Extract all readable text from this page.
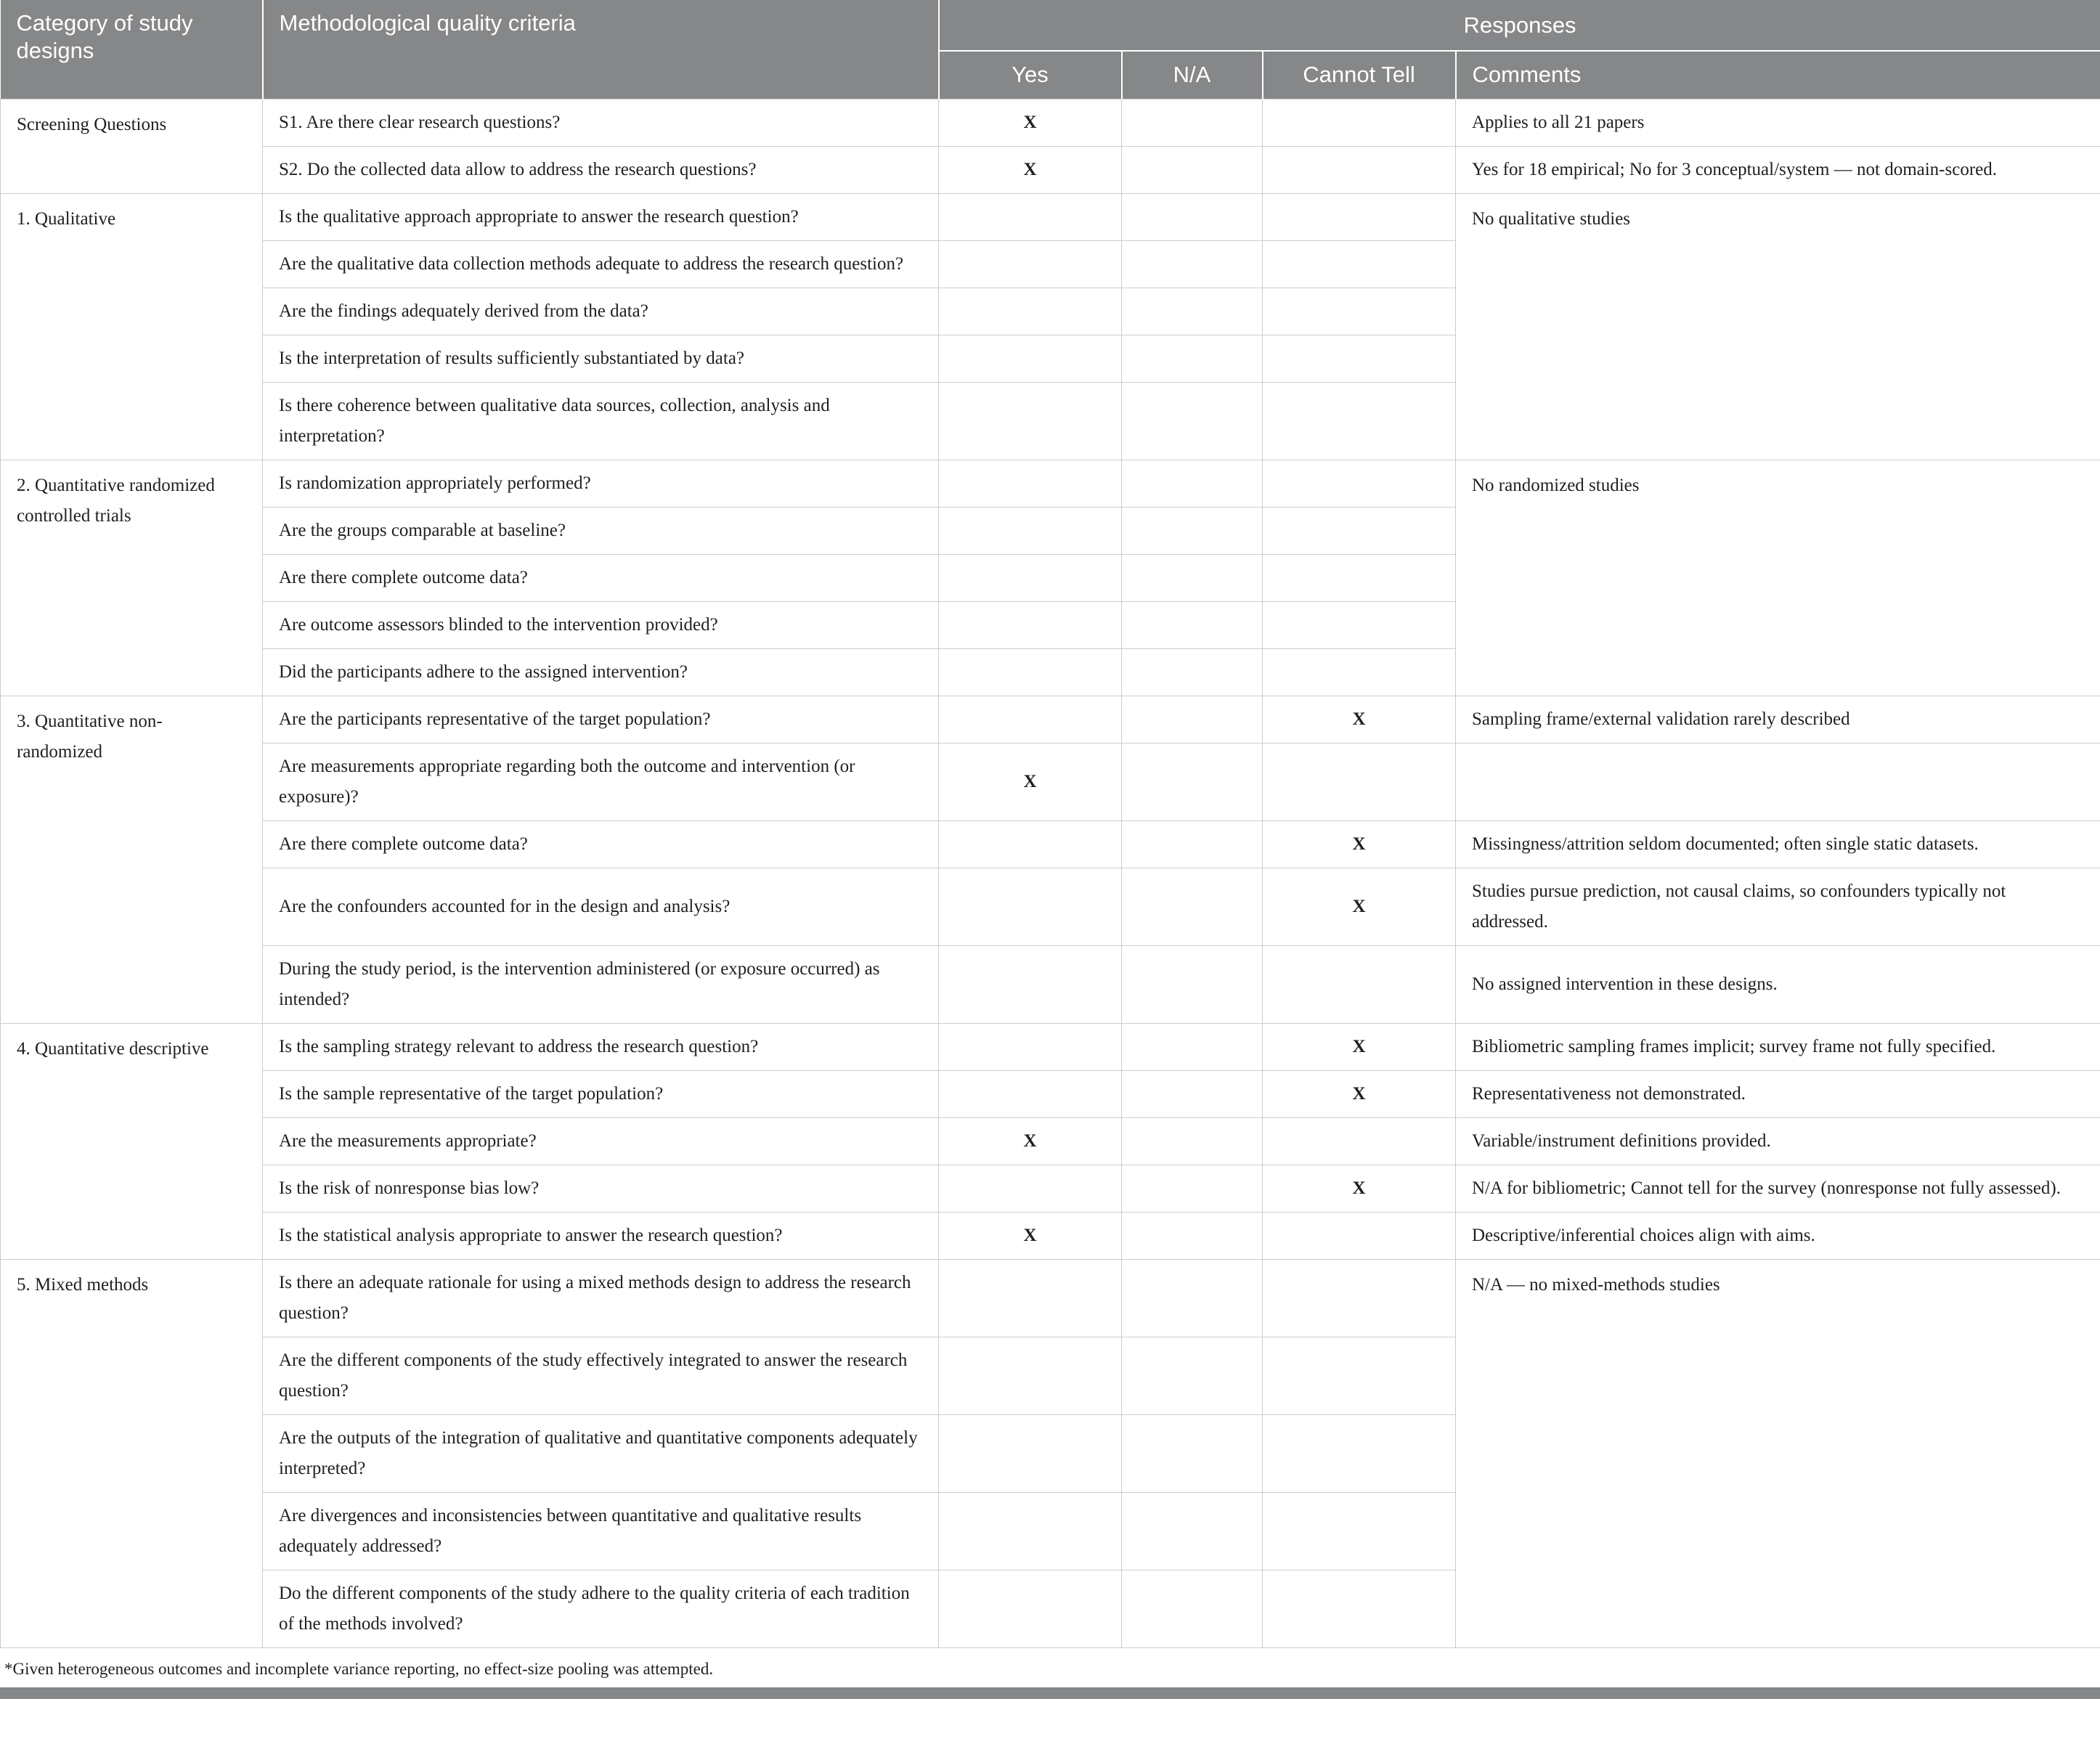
Category of study designs	Methodological quality criteria	Responses			
		Yes	N/A	Cannot Tell	Comments
Screening Questions	S1. Are there clear research questions?	X			Applies to all 21 papers
	S2. Do the collected data allow to address the research questions?	X			Yes for 18 empirical; No for 3 conceptual/system — not domain-scored.
1. Qualitative	Is the qualitative approach appropriate to answer the research question?				No qualitative studies
	Are the qualitative data collection methods adequate to address the research question?				
	Are the findings adequately derived from the data?				
	Is the interpretation of results sufficiently substantiated by data?				
	Is there coherence between qualitative data sources, collection, analysis and interpretation?				
2. Quantitative randomized controlled trials	Is randomization appropriately performed?				No randomized studies
	Are the groups comparable at baseline?				
	Are there complete outcome data?				
	Are outcome assessors blinded to the intervention provided?				
	Did the participants adhere to the assigned intervention?				
3. Quantitative non-randomized	Are the participants representative of the target population?			X	Sampling frame/external validation rarely described
	Are measurements appropriate regarding both the outcome and intervention (or exposure)?	X			
	Are there complete outcome data?			X	Missingness/attrition seldom documented; often single static datasets.
	Are the confounders accounted for in the design and analysis?			X	Studies pursue prediction, not causal claims, so confounders typically not addressed.
	During the study period, is the intervention administered (or exposure occurred) as intended?				No assigned intervention in these designs.
4. Quantitative descriptive	Is the sampling strategy relevant to address the research question?			X	Bibliometric sampling frames implicit; survey frame not fully specified.
	Is the sample representative of the target population?			X	Representativeness not demonstrated.
	Are the measurements appropriate?	X			Variable/instrument definitions provided.
	Is the risk of nonresponse bias low?			X	N/A for bibliometric; Cannot tell for the survey (nonresponse not fully assessed).
	Is the statistical analysis appropriate to answer the research question?	X			Descriptive/inferential choices align with aims.
5. Mixed methods	Is there an adequate rationale for using a mixed methods design to address the research question?				N/A — no mixed-methods studies
	Are the different components of the study effectively integrated to answer the research question?				
	Are the outputs of the integration of qualitative and quantitative components adequately interpreted?				
	Are divergences and inconsistencies between quantitative and qualitative results adequately addressed?				
	Do the different components of the study adhere to the quality criteria of each tradition of the methods involved?				
*Given heterogeneous outcomes and incomplete variance reporting, no effect-size pooling was attempted.
